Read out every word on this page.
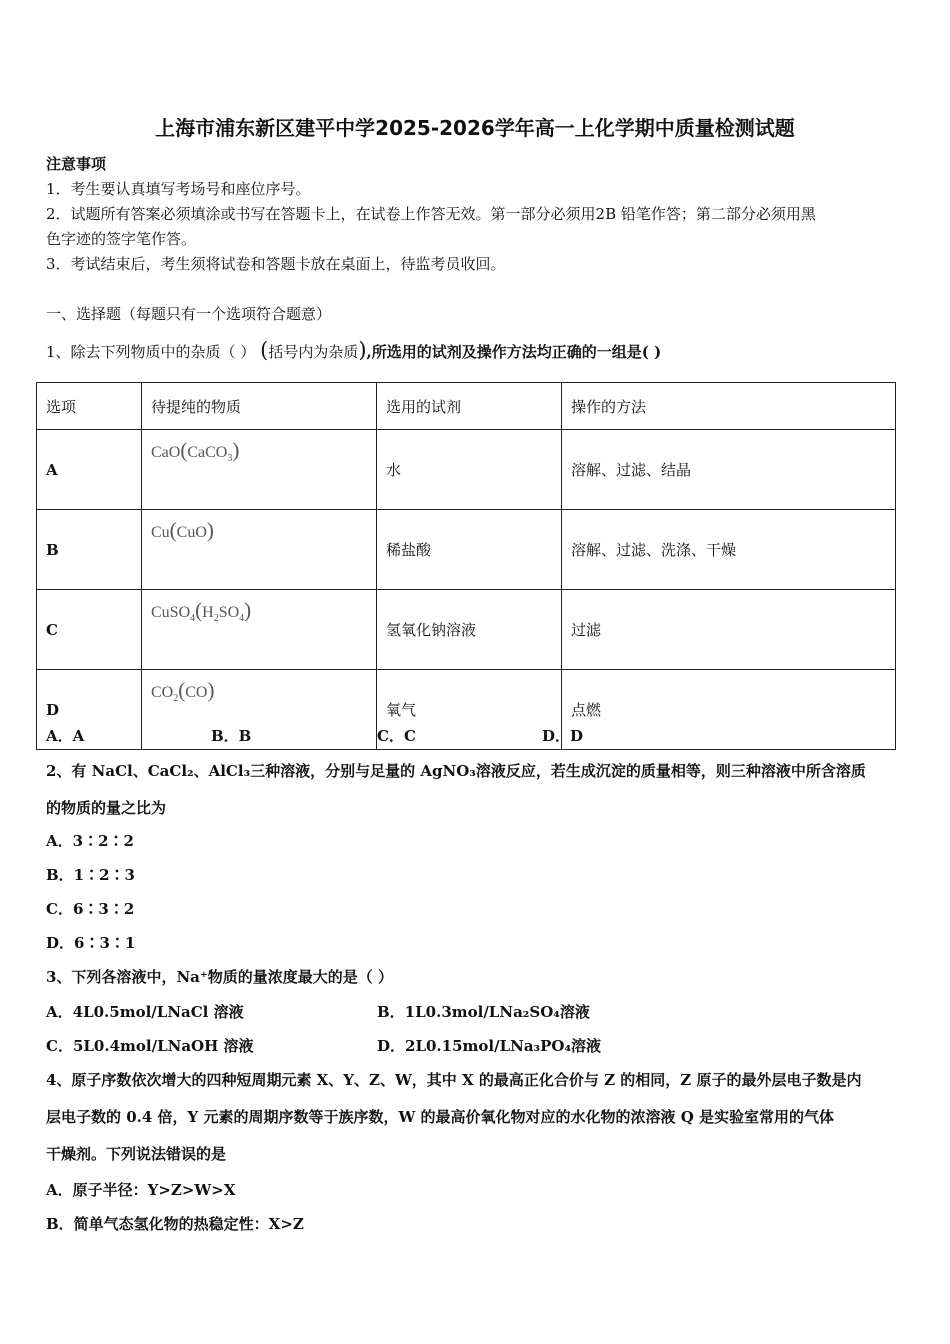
上海市浦东新区建平中学2025-2026学年高一上化学期中质量检测试题
注意事项
1．考生要认真填写考场号和座位序号。
2．试题所有答案必须填涂或书写在答题卡上，在试卷上作答无效。第一部分必须用2B 铅笔作答；第二部分必须用黑
色字迹的签字笔作答。
3．考试结束后，考生须将试卷和答题卡放在桌面上，待监考员收回。
一、选择题（每题只有一个选项符合题意）
1、除去下列物质中的杂质（ ） (括号内为杂质),所选用的试剂及操作方法均正确的一组是( )
选项	待提纯的物质	选用的试剂	操作的方法
A	CaO(CaCO$_3$)	水	溶解、过滤、结晶
B	Cu(CuO)	稀盐酸	溶解、过滤、洗涤、干燥
C	$CuSO_4(H_2SO_4)$	氢氧化钠溶液	过滤
D	$CO_2(CO)$	氧气	点燃
A．A	B．B	C．C	D．D
2、有 NaCl、CaCl₂、AlCl₃三种溶液，分别与足量的 AgNO₃溶液反应，若生成沉淀的质量相等，则三种溶液中所含溶质
的物质的量之比为
A．3∶2∶2
B．1∶2∶3
C．6∶3∶2
D．6∶3∶1
3、下列各溶液中，Na⁺物质的量浓度最大的是（ ）
A．4L0.5mol/LNaCl 溶液	B．1L0.3mol/LNa₂SO₄溶液
C．5L0.4mol/LNaOH 溶液	D．2L0.15mol/LNa₃PO₄溶液
4、原子序数依次增大的四种短周期元素 X、Y、Z、W，其中 X 的最高正化合价与 Z 的相同，Z 原子的最外层电子数是内
层电子数的 0.4 倍，Y 元素的周期序数等于族序数，W 的最高价氧化物对应的水化物的浓溶液 Q 是实验室常用的气体
干燥剂。下列说法错误的是
A．原子半径：Y>Z>W>X
B．简单气态氢化物的热稳定性：X>Z
